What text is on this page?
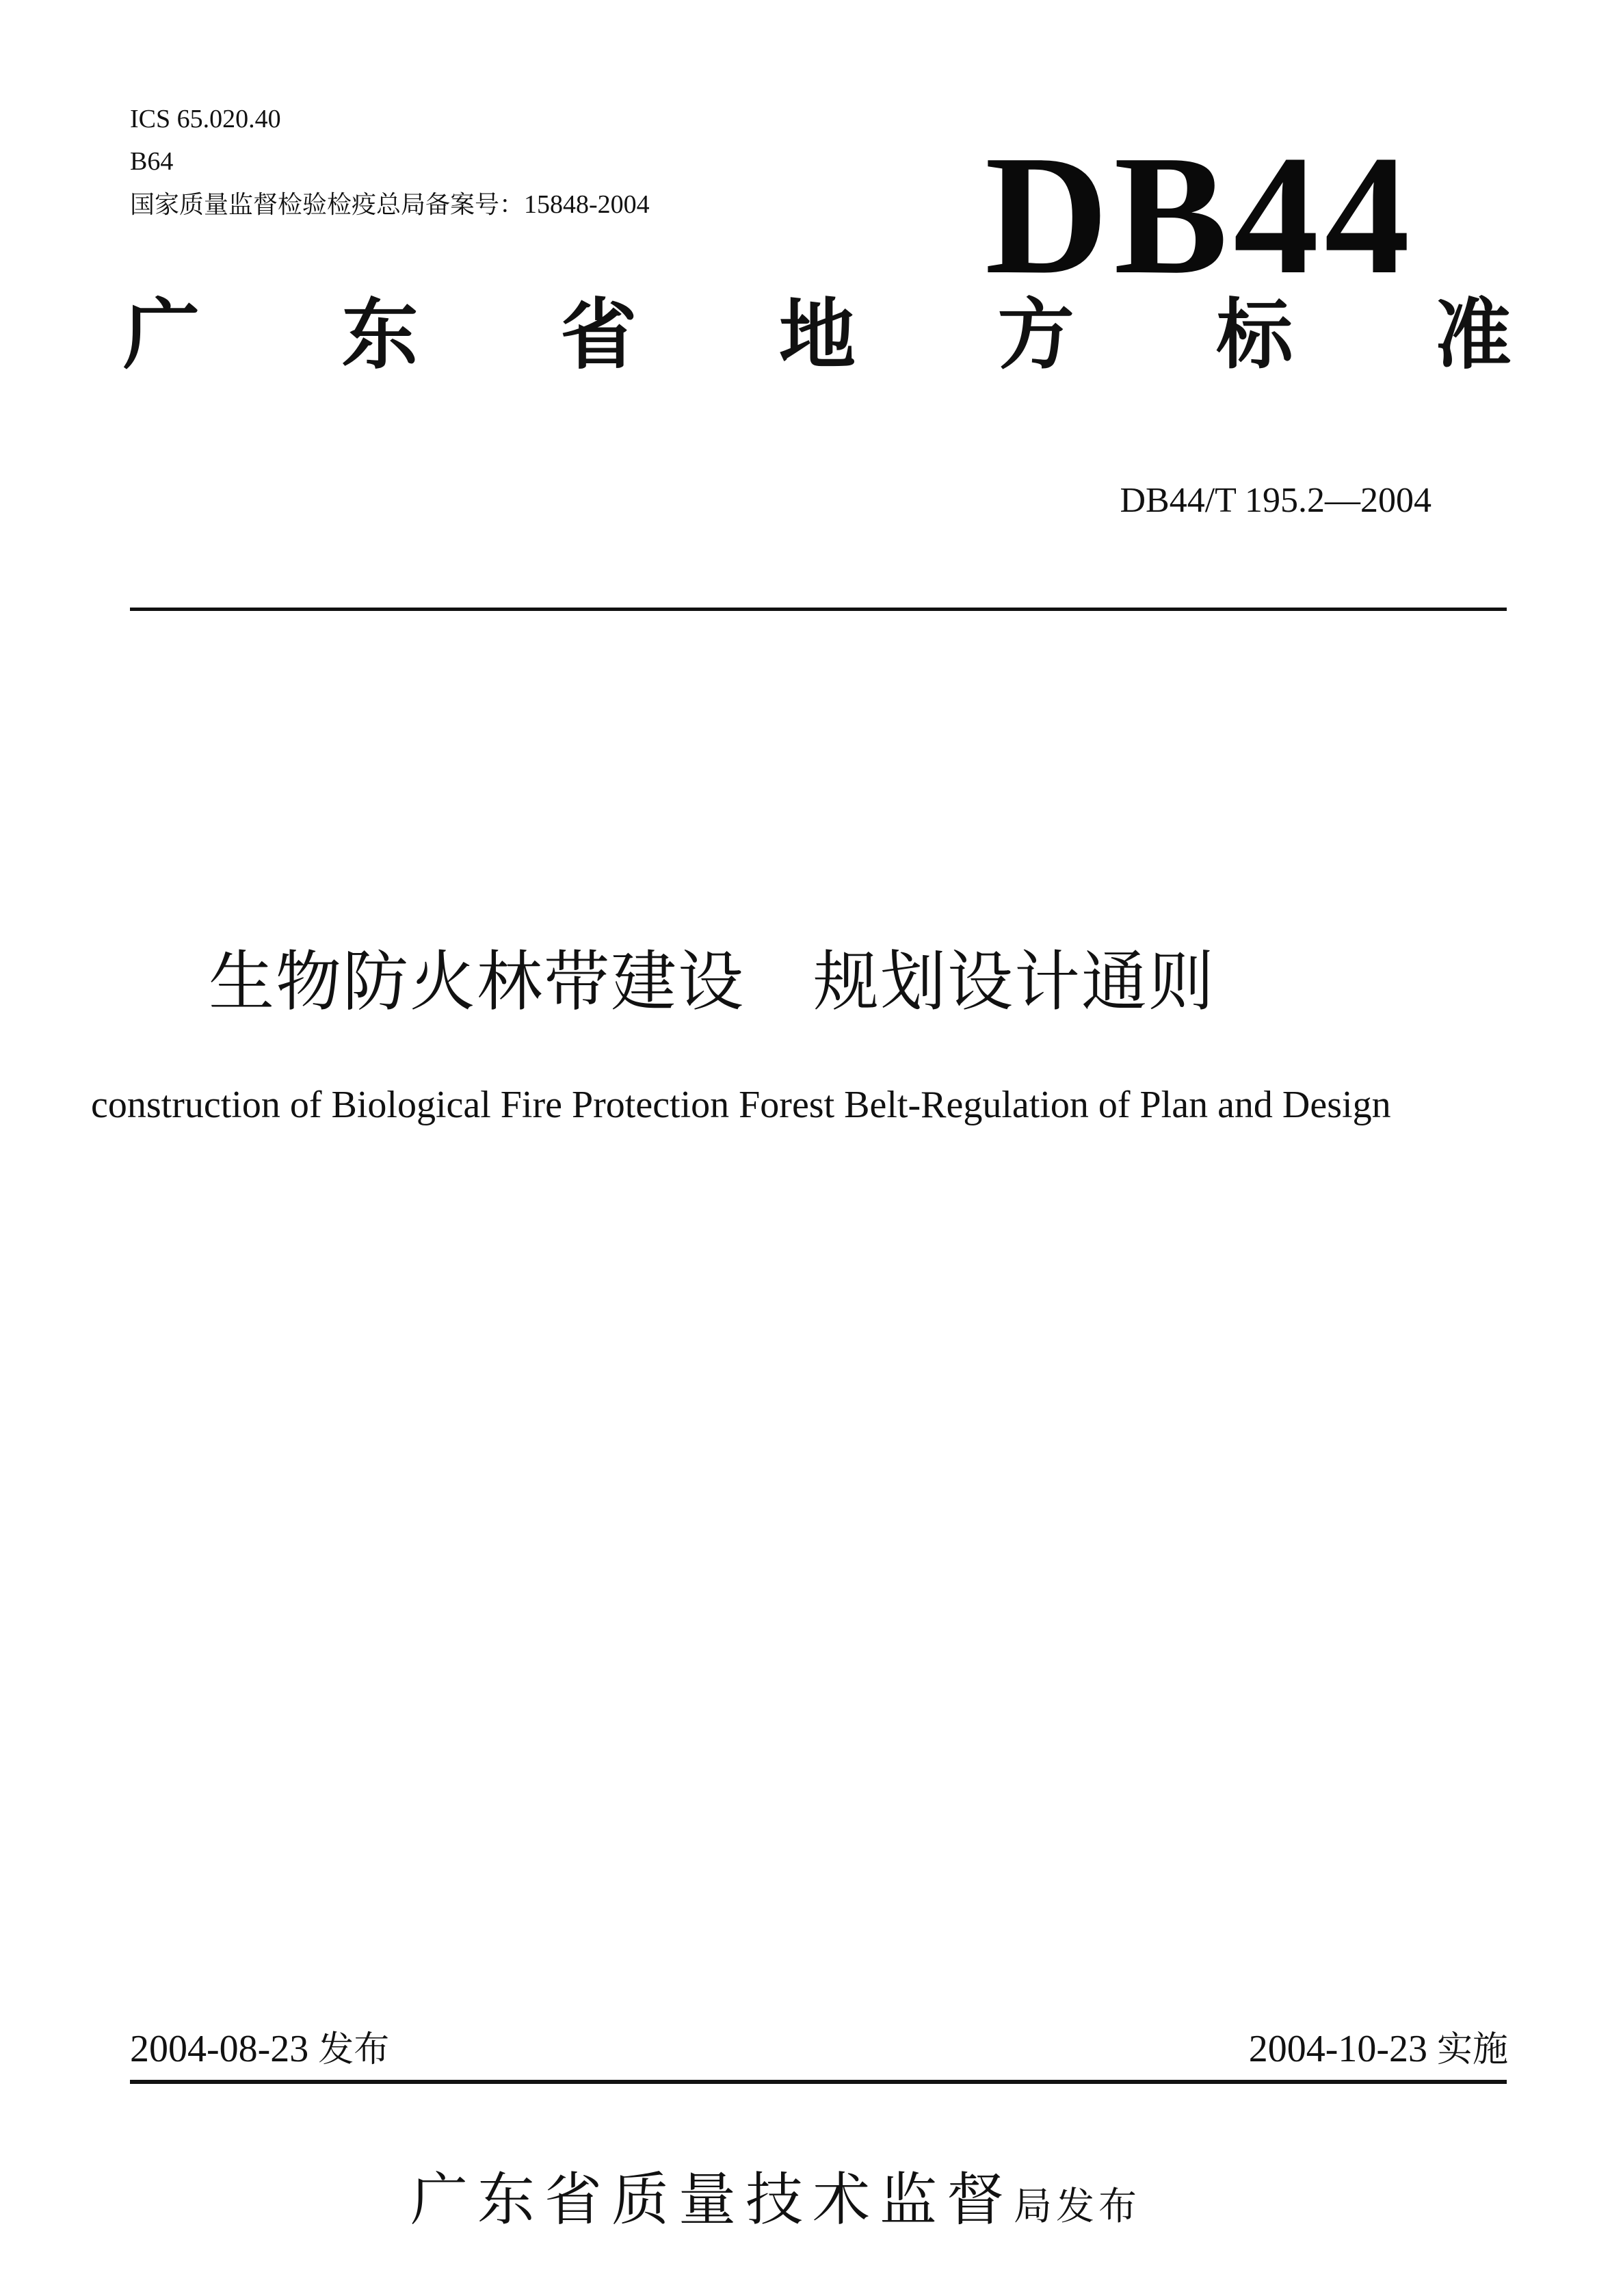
ICS 65.020.40
B64
国家质量监督检验检疫总局备案号：15848-2004 DB44
广 东 省 地 方 标 准
DB44/T 195.2—2004
生物防火林带建设 规划设计通则
construction of Biological Fire Protection Forest Belt-Regulation of Plan and Design
2004-08-23 发布	2004-10-23 实施
广东省质量技术监督局发布
